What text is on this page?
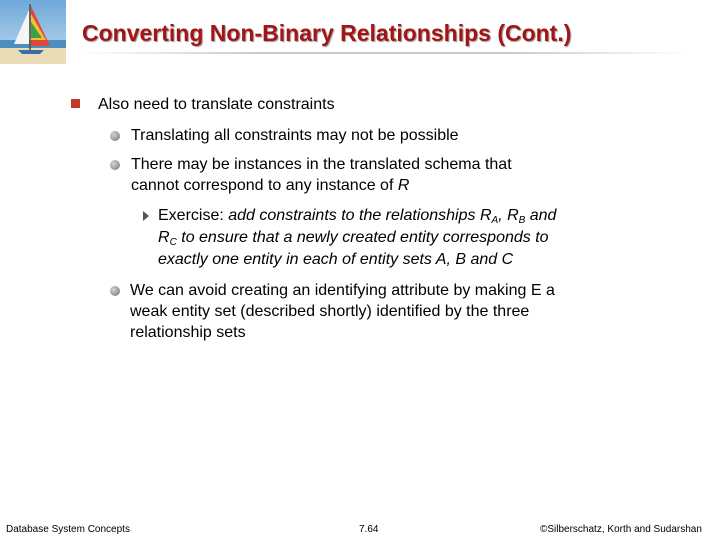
Converting Non-Binary Relationships (Cont.)
Also need to translate constraints
Translating all constraints may not be possible
There may be instances in the translated schema that
cannot correspond to any instance of R
Exercise: add constraints to the relationships $R_A$, $R_B$ and
$R_C$ to ensure that a newly created entity corresponds to
exactly one entity in each of entity sets A, B and C
We can avoid creating an identifying attribute by making E a
weak entity set (described shortly) identified by the three
relationship sets
Database System Concepts	7.64	©Silberschatz, Korth and Sudarshan
